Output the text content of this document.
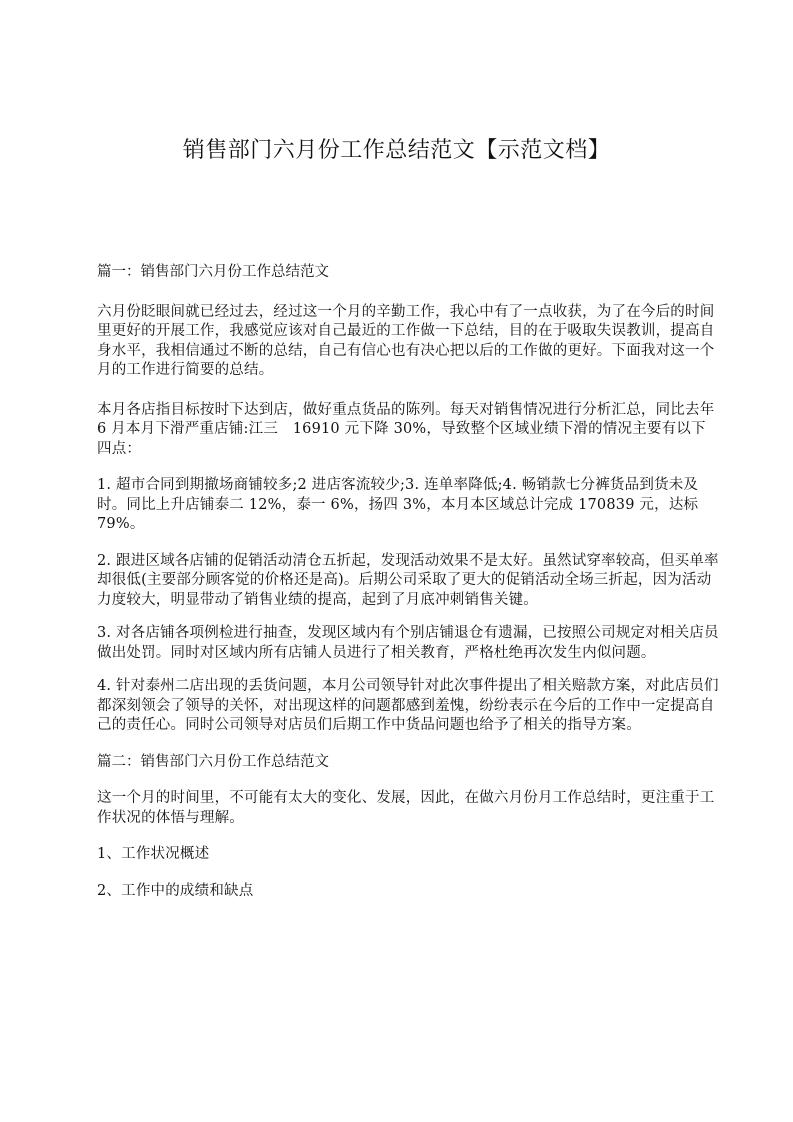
销售部门六月份工作总结范文【示范文档】

篇一：销售部门六月份工作总结范文

六月份眨眼间就已经过去，经过这一个月的辛勤工作，我心中有了一点收获，为了在今后的时间里更好的开展工作，我感觉应该对自己最近的工作做一下总结，目的在于吸取失误教训，提高自身水平，我相信通过不断的总结，自己有信心也有决心把以后的工作做的更好。下面我对这一个月的工作进行简要的总结。

本月各店指目标按时下达到店，做好重点货品的陈列。每天对销售情况进行分析汇总，同比去年 6 月本月下滑严重店铺:江三　16910 元下降 30%，导致整个区域业绩下滑的情况主要有以下四点：

1. 超市合同到期撤场商铺较多;2 进店客流较少;3. 连单率降低;4. 畅销款七分裤货品到货未及时。同比上升店铺泰二 12%，泰一 6%，扬四 3%，本月本区域总计完成 170839 元，达标 79%。

2. 跟进区域各店铺的促销活动清仓五折起，发现活动效果不是太好。虽然试穿率较高，但买单率却很低(主要部分顾客觉的价格还是高)。后期公司采取了更大的促销活动全场三折起，因为活动力度较大，明显带动了销售业绩的提高，起到了月底冲刺销售关键。

3. 对各店铺各项例检进行抽查，发现区域内有个别店铺退仓有遗漏，已按照公司规定对相关店员做出处罚。同时对区域内所有店铺人员进行了相关教育，严格杜绝再次发生内似问题。

4. 针对泰州二店出现的丢货问题，本月公司领导针对此次事件提出了相关赔款方案，对此店员们都深刻领会了领导的关怀，对出现这样的问题都感到羞愧，纷纷表示在今后的工作中一定提高自己的责任心。同时公司领导对店员们后期工作中货品问题也给予了相关的指导方案。

篇二：销售部门六月份工作总结范文

这一个月的时间里，不可能有太大的变化、发展，因此，在做六月份月工作总结时，更注重于工作状况的体悟与理解。

1、工作状况概述

2、工作中的成绩和缺点
